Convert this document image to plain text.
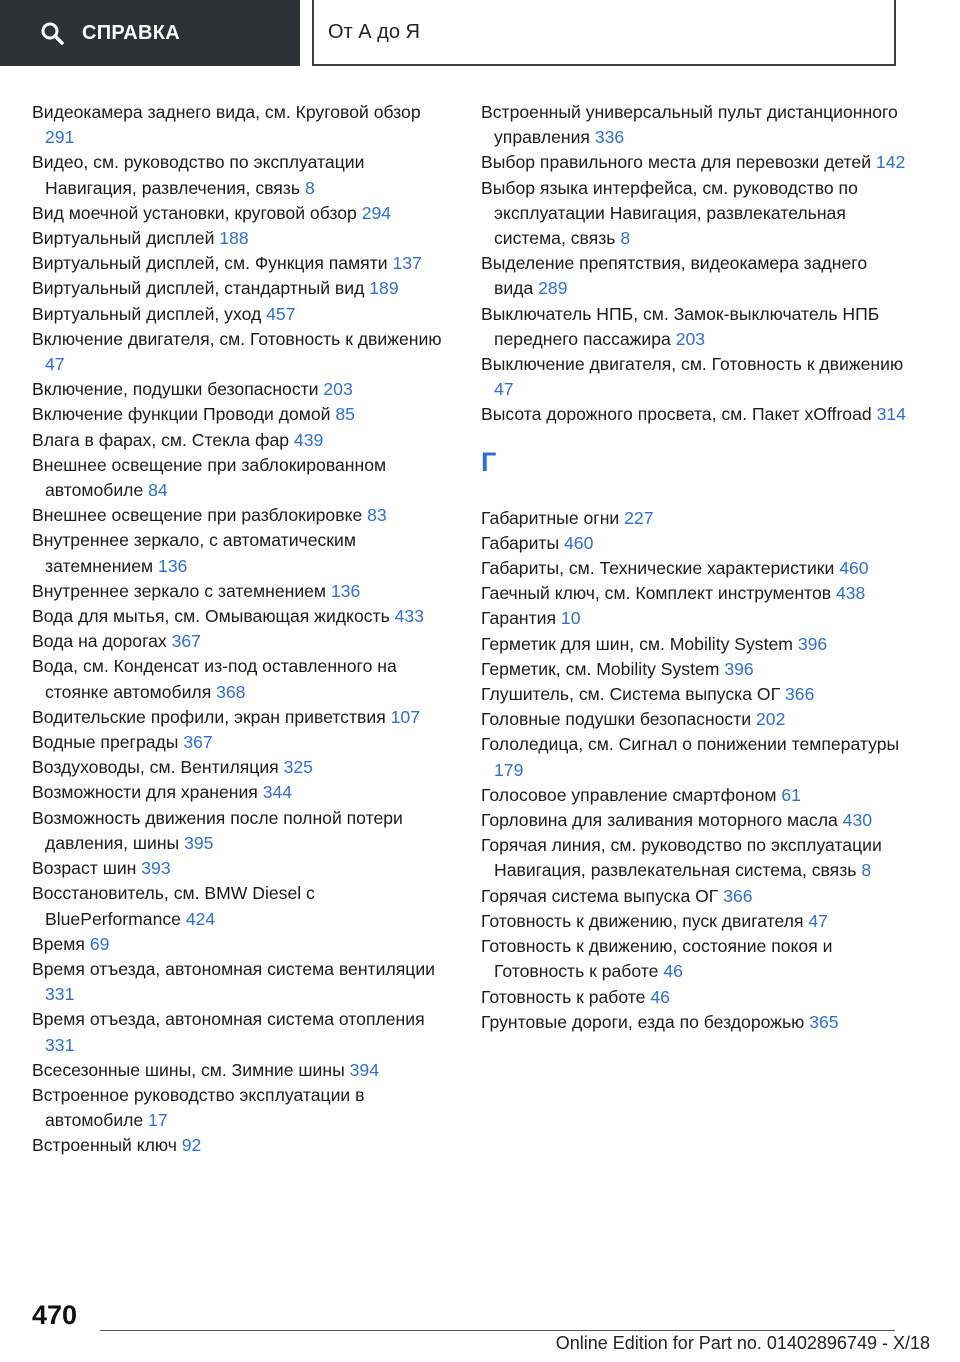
СПРАВКА	От А до Я
Видеокамера заднего вида, см. Круговой обзор 291
Видео, см. руководство по эксплуатации Навигация, развлечения, связь 8
Вид моечной установки, круговой обзор 294
Виртуальный дисплей 188
Виртуальный дисплей, см. Функция памяти 137
Виртуальный дисплей, стандартный вид 189
Виртуальный дисплей, уход 457
Включение двигателя, см. Готовность к движению 47
Включение, подушки безопасности 203
Включение функции Проводи домой 85
Влага в фарах, см. Стекла фар 439
Внешнее освещение при заблокированном автомобиле 84
Внешнее освещение при разблокировке 83
Внутреннее зеркало, с автоматическим затемнением 136
Внутреннее зеркало с затемнением 136
Вода для мытья, см. Омывающая жидкость 433
Вода на дорогах 367
Вода, см. Конденсат из-под оставленного на стоянке автомобиля 368
Водительские профили, экран приветствия 107
Водные преграды 367
Воздуховоды, см. Вентиляция 325
Возможности для хранения 344
Возможность движения после полной потери давления, шины 395
Возраст шин 393
Восстановитель, см. BMW Diesel с BluePerformance 424
Время 69
Время отъезда, автономная система вентиляции 331
Время отъезда, автономная система отопления 331
Всесезонные шины, см. Зимние шины 394
Встроенное руководство эксплуатации в автомобиле 17
Встроенный ключ 92
Встроенный универсальный пульт дистанционного управления 336
Выбор правильного места для перевозки детей 142
Выбор языка интерфейса, см. руководство по эксплуатации Навигация, развлекательная система, связь 8
Выделение препятствия, видеокамера заднего вида 289
Выключатель НПБ, см. Замок-выключатель НПБ переднего пассажира 203
Выключение двигателя, см. Готовность к движению 47
Высота дорожного просвета, см. Пакет xOffroad 314
Г
Габаритные огни 227
Габариты 460
Габариты, см. Технические характеристики 460
Гаечный ключ, см. Комплект инструментов 438
Гарантия 10
Герметик для шин, см. Mobility System 396
Герметик, см. Mobility System 396
Глушитель, см. Система выпуска ОГ 366
Головные подушки безопасности 202
Гололедица, см. Сигнал о понижении температуры 179
Голосовое управление смартфоном 61
Горловина для заливания моторного масла 430
Горячая линия, см. руководство по эксплуатации Навигация, развлекательная система, связь 8
Горячая система выпуска ОГ 366
Готовность к движению, пуск двигателя 47
Готовность к движению, состояние покоя и Готовность к работе 46
Готовность к работе 46
Грунтовые дороги, езда по бездорожью 365
470
Online Edition for Part no. 01402896749 - X/18
